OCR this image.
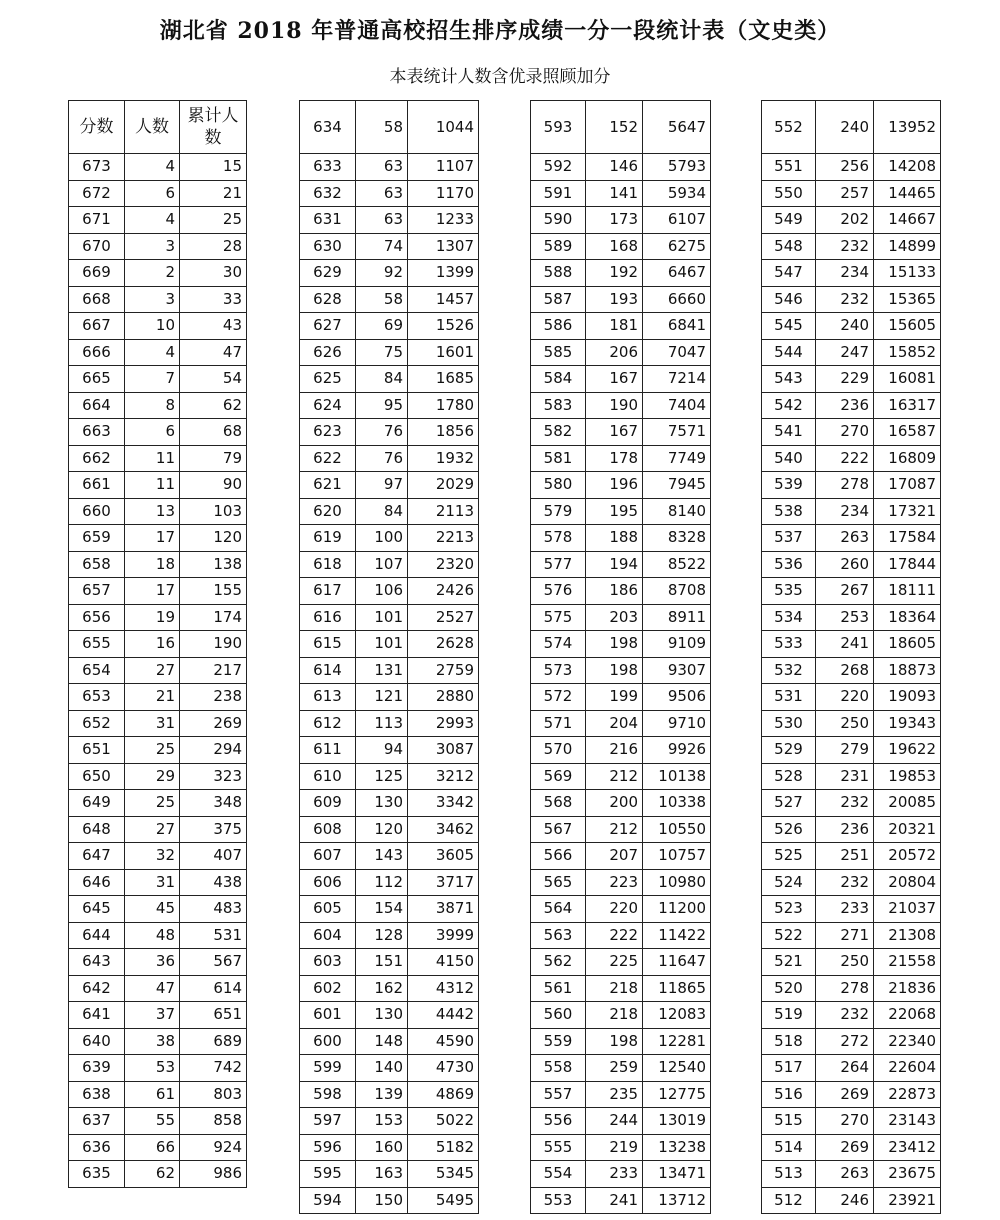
湖北省 2018 年普通高校招生排序成绩一分一段统计表（文史类）
本表统计人数含优录照顾加分
分数	人数	累计人数
673	4	15
672	6	21
671	4	25
670	3	28
669	2	30
668	3	33
667	10	43
666	4	47
665	7	54
664	8	62
663	6	68
662	11	79
661	11	90
660	13	103
659	17	120
658	18	138
657	17	155
656	19	174
655	16	190
654	27	217
653	21	238
652	31	269
651	25	294
650	29	323
649	25	348
648	27	375
647	32	407
646	31	438
645	45	483
644	48	531
643	36	567
642	47	614
641	37	651
640	38	689
639	53	742
638	61	803
637	55	858
636	66	924
635	62	986
634	58	1044
633	63	1107
632	63	1170
631	63	1233
630	74	1307
629	92	1399
628	58	1457
627	69	1526
626	75	1601
625	84	1685
624	95	1780
623	76	1856
622	76	1932
621	97	2029
620	84	2113
619	100	2213
618	107	2320
617	106	2426
616	101	2527
615	101	2628
614	131	2759
613	121	2880
612	113	2993
611	94	3087
610	125	3212
609	130	3342
608	120	3462
607	143	3605
606	112	3717
605	154	3871
604	128	3999
603	151	4150
602	162	4312
601	130	4442
600	148	4590
599	140	4730
598	139	4869
597	153	5022
596	160	5182
595	163	5345
594	150	5495
593	152	5647
592	146	5793
591	141	5934
590	173	6107
589	168	6275
588	192	6467
587	193	6660
586	181	6841
585	206	7047
584	167	7214
583	190	7404
582	167	7571
581	178	7749
580	196	7945
579	195	8140
578	188	8328
577	194	8522
576	186	8708
575	203	8911
574	198	9109
573	198	9307
572	199	9506
571	204	9710
570	216	9926
569	212	10138
568	200	10338
567	212	10550
566	207	10757
565	223	10980
564	220	11200
563	222	11422
562	225	11647
561	218	11865
560	218	12083
559	198	12281
558	259	12540
557	235	12775
556	244	13019
555	219	13238
554	233	13471
553	241	13712
552	240	13952
551	256	14208
550	257	14465
549	202	14667
548	232	14899
547	234	15133
546	232	15365
545	240	15605
544	247	15852
543	229	16081
542	236	16317
541	270	16587
540	222	16809
539	278	17087
538	234	17321
537	263	17584
536	260	17844
535	267	18111
534	253	18364
533	241	18605
532	268	18873
531	220	19093
530	250	19343
529	279	19622
528	231	19853
527	232	20085
526	236	20321
525	251	20572
524	232	20804
523	233	21037
522	271	21308
521	250	21558
520	278	21836
519	232	22068
518	272	22340
517	264	22604
516	269	22873
515	270	23143
514	269	23412
513	263	23675
512	246	23921
